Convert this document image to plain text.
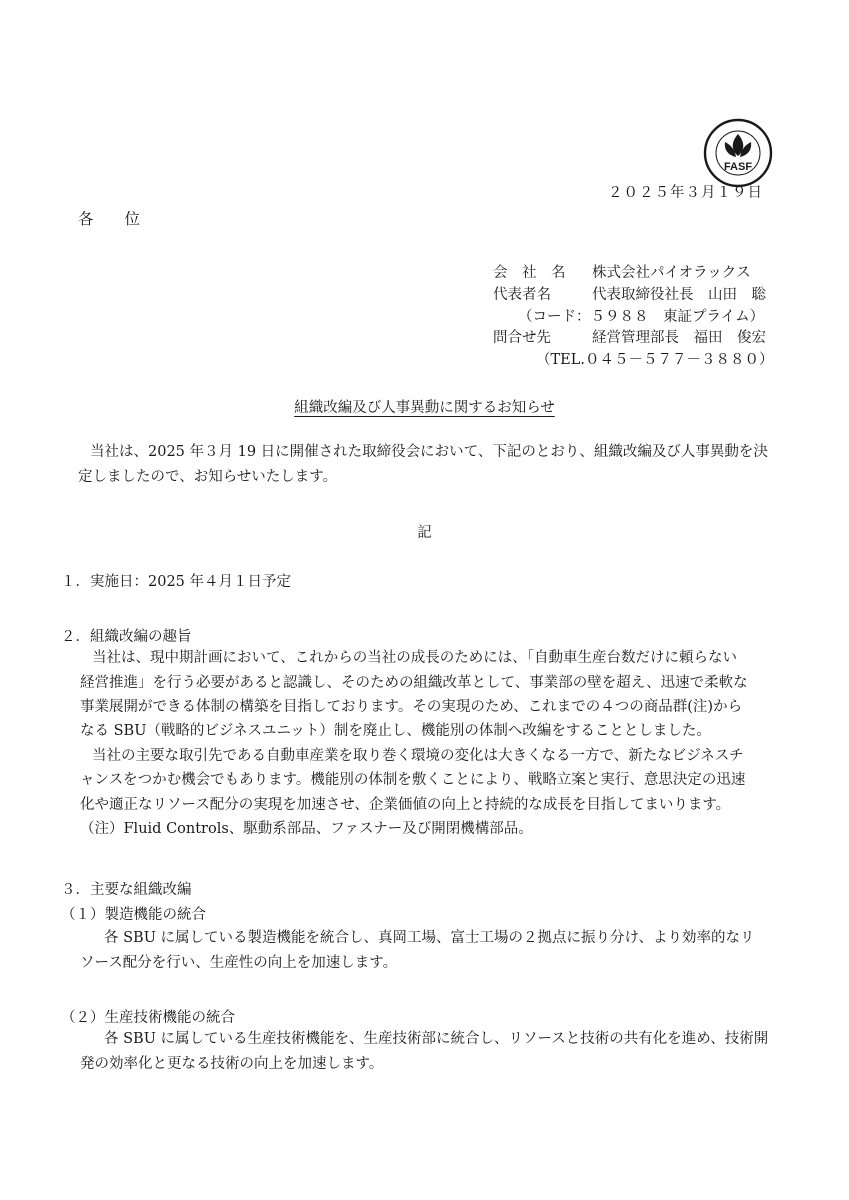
FASF
２０２５年３月１９日
各　　位
会　社　名 株式会社パイオラックス
代表者名	代表取締役社長　山田　聡
（コード：５９８８　東証プライム）
問合せ先	経営管理部長　福田　俊宏
（TEL.０４５－５７７－３８８０）
組織改編及び人事異動に関するお知らせ
当社は、2025 年３月 19 日に開催された取締役会において、下記のとおり、組織改編及び人事異動を決
定しましたので、お知らせいたします。
記
１．実施日：2025 年４月１日予定
２．組織改編の趣旨
当社は、現中期計画において、これからの当社の成長のためには、「自動車生産台数だけに頼らない
経営推進」を行う必要があると認識し、そのための組織改革として、事業部の壁を超え、迅速で柔軟な
事業展開ができる体制の構築を目指しております。その実現のため、これまでの４つの商品群(注)から
なる SBU（戦略的ビジネスユニット）制を廃止し、機能別の体制へ改編をすることとしました。
当社の主要な取引先である自動車産業を取り巻く環境の変化は大きくなる一方で、新たなビジネスチ
ャンスをつかむ機会でもあります。機能別の体制を敷くことにより、戦略立案と実行、意思決定の迅速
化や適正なリソース配分の実現を加速させ、企業価値の向上と持続的な成長を目指してまいります。
（注）Fluid Controls、駆動系部品、ファスナー及び開閉機構部品。
３．主要な組織改編
（１）製造機能の統合
各 SBU に属している製造機能を統合し、真岡工場、富士工場の２拠点に振り分け、より効率的なリ
ソース配分を行い、生産性の向上を加速します。
（２）生産技術機能の統合
各 SBU に属している生産技術機能を、生産技術部に統合し、リソースと技術の共有化を進め、技術開
発の効率化と更なる技術の向上を加速します。
